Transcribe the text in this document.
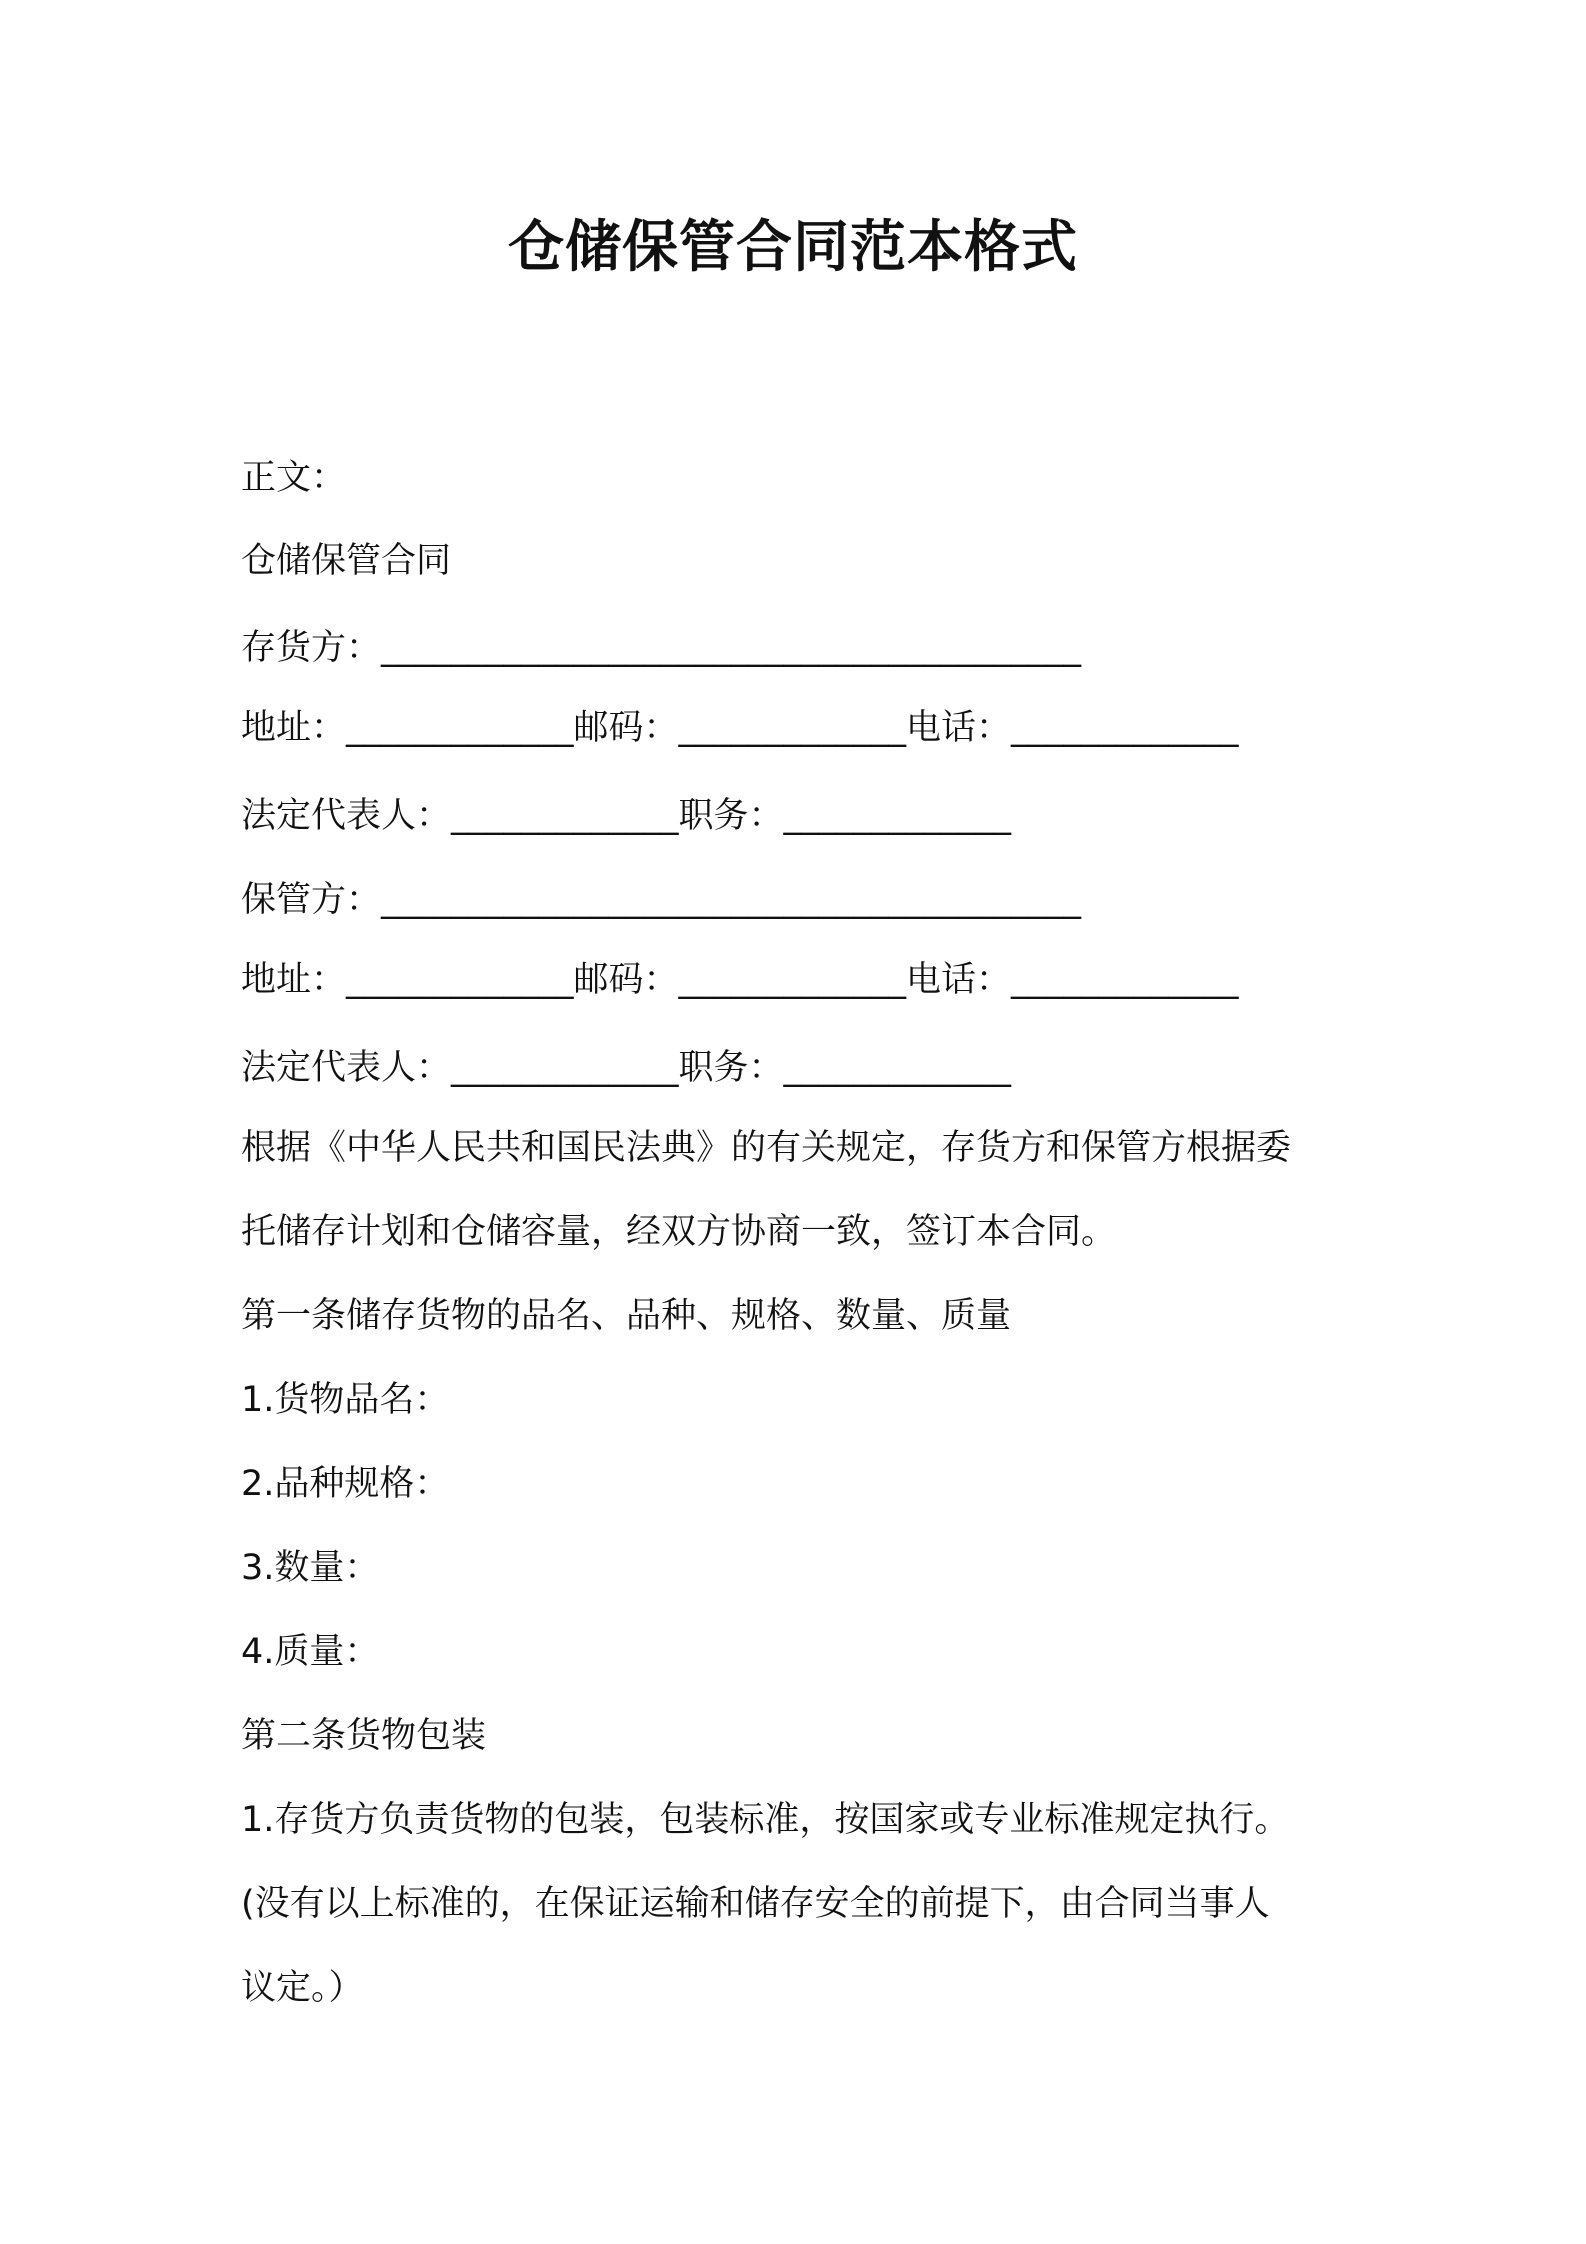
仓储保管合同范本格式
正文：
仓储保管合同
存货方：________________________________________
地址：_____________邮码：_____________电话：_____________
法定代表人：_____________职务：_____________
保管方：________________________________________
地址：_____________邮码：_____________电话：_____________
法定代表人：_____________职务：_____________
根据《中华人民共和国民法典》的有关规定，存货方和保管方根据委
托储存计划和仓储容量，经双方协商一致，签订本合同。
第一条储存货物的品名、品种、规格、数量、质量
1.货物品名：
2.品种规格：
3.数量：
4.质量：
第二条货物包装
1.存货方负责货物的包装，包装标准，按国家或专业标准规定执行。
(没有以上标准的，在保证运输和储存安全的前提下，由合同当事人
议定。）
